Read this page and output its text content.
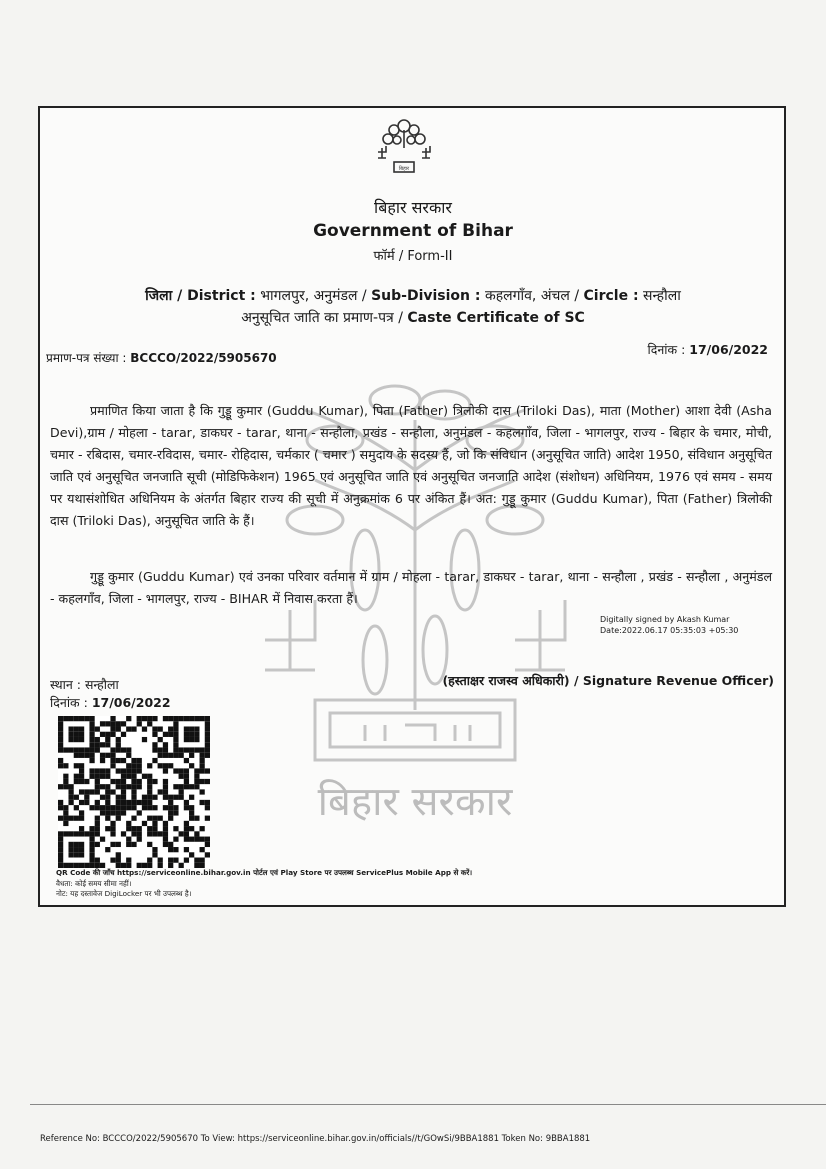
बिहार
बिहार सरकार
बिहार सरकार
Government of Bihar
फॉर्म / Form-II
जिला / District : भागलपुर, अनुमंडल / Sub-Division : कहलगाँव, अंचल / Circle : सन्हौला
अनुसूचित जाति का प्रमाण-पत्र / Caste Certificate of SC
प्रमाण-पत्र संख्या : BCCCO/2022/5905670
दिनांक : 17/06/2022
प्रमाणित किया जाता है कि गुड्डू कुमार (Guddu Kumar), पिता (Father) त्रिलोकी दास (Triloki Das), माता (Mother) आशा देवी (Asha Devi),ग्राम / मोहला - tarar, डाकघर - tarar, थाना - सन्हौला, प्रखंड - सन्हौला, अनुमंडल - कहलगाँव, जिला - भागलपुर, राज्य - बिहार के चमार, मोची, चमार - रबिदास, चमार-रविदास, चमार- रोहिदास, चर्मकार ( चमार ) समुदाय के सदस्य हैं, जो कि संविधान (अनुसूचित जाति) आदेश 1950, संविधान अनुसूचित जाति एवं अनुसूचित जनजाति सूची (मोडिफिकेशन) 1965 एवं अनुसूचित जाति एवं अनुसूचित जनजाति आदेश (संशोधन) अधिनियम, 1976 एवं समय - समय पर यथासंशोधित अधिनियम के अंतर्गत बिहार राज्य की सूची में अनुक्रमांक 6 पर अंकित हैं। अत: गुड्डू कुमार (Guddu Kumar), पिता (Father) त्रिलोकी दास (Triloki Das), अनुसूचित जाति के हैं।
गुड्डू कुमार (Guddu Kumar) एवं उनका परिवार वर्तमान में ग्राम / मोहला - tarar, डाकघर - tarar, थाना - सन्हौला , प्रखंड - सन्हौला , अनुमंडल - कहलगाँव, जिला - भागलपुर, राज्य - BIHAR में निवास करता हैं।
Digitally signed by Akash Kumar
Date:2022.06.17 05:35:03 +05:30
स्थान : सन्हौला
दिनांक : 17/06/2022
(हस्ताक्षर राजस्व अधिकारी) / Signature Revenue Officer)
QR Code की जाँच https://serviceonline.bihar.gov.in पोर्टल एवं Play Store पर उपलब्ध ServicePlus Mobile App से करें।
वैधता: कोई समय सीमा नहीं।
नोट: यह दस्तावेज DigiLocker पर भी उपलब्ध है।
Reference No: BCCCO/2022/5905670 To View: https://serviceonline.bihar.gov.in/officials//t/GOwSi/9BBA1881 Token No: 9BBA1881
